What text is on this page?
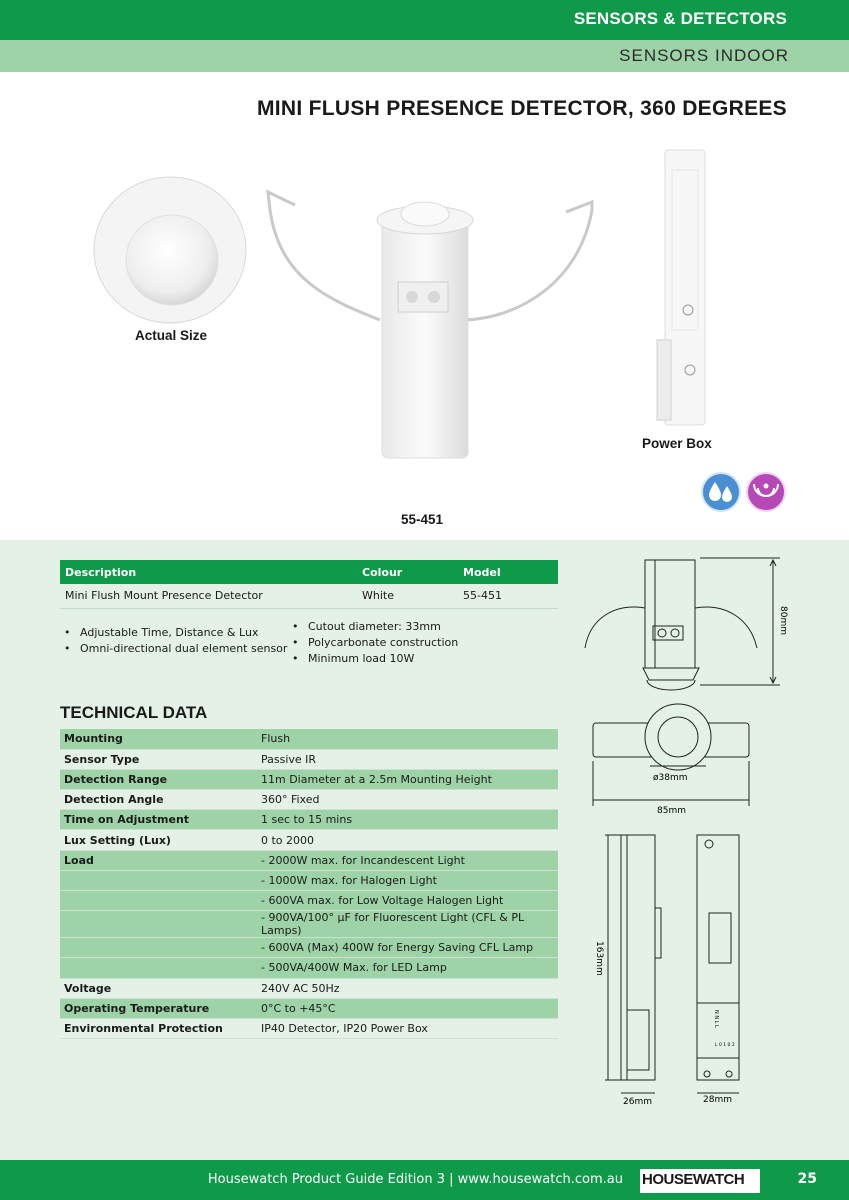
SENSORS & DETECTORS
SENSORS INDOOR
MINI FLUSH PRESENCE DETECTOR, 360 DEGREES
Actual Size
Power Box
55-451
Description	Colour	Model
Mini Flush Mount Presence Detector	White	55-451
• Adjustable Time, Distance & Lux
• Omni-directional dual element sensor
• Cutout diameter: 33mm
• Polycarbonate construction
• Minimum load 10W
TECHNICAL DATA
Mounting	Flush
Sensor Type	Passive IR
Detection Range	11m Diameter at a 2.5m Mounting Height
Detection Angle	360° Fixed
Time on Adjustment	1 sec to 15 mins
Lux Setting (Lux)	0 to 2000
Load	- 2000W max. for Incandescent Light
	- 1000W max. for Halogen Light
	- 600VA max. for Low Voltage Halogen Light
	- 900VA/100° µF for Fluorescent Light (CFL & PL Lamps)
	- 600VA (Max) 400W for Energy Saving CFL Lamp
	- 500VA/400W Max. for LED Lamp
Voltage	240V AC 50Hz
Operating Temperature	0°C to +45°C
Environmental Protection	IP40 Detector, IP20 Power Box
80mm
ø38mm
85mm
163mm
26mm	28mm
N N L L
L 0 1 0 2
Housewatch Product Guide Edition 3 | www.housewatch.com.au HOUSEWATCH	25
